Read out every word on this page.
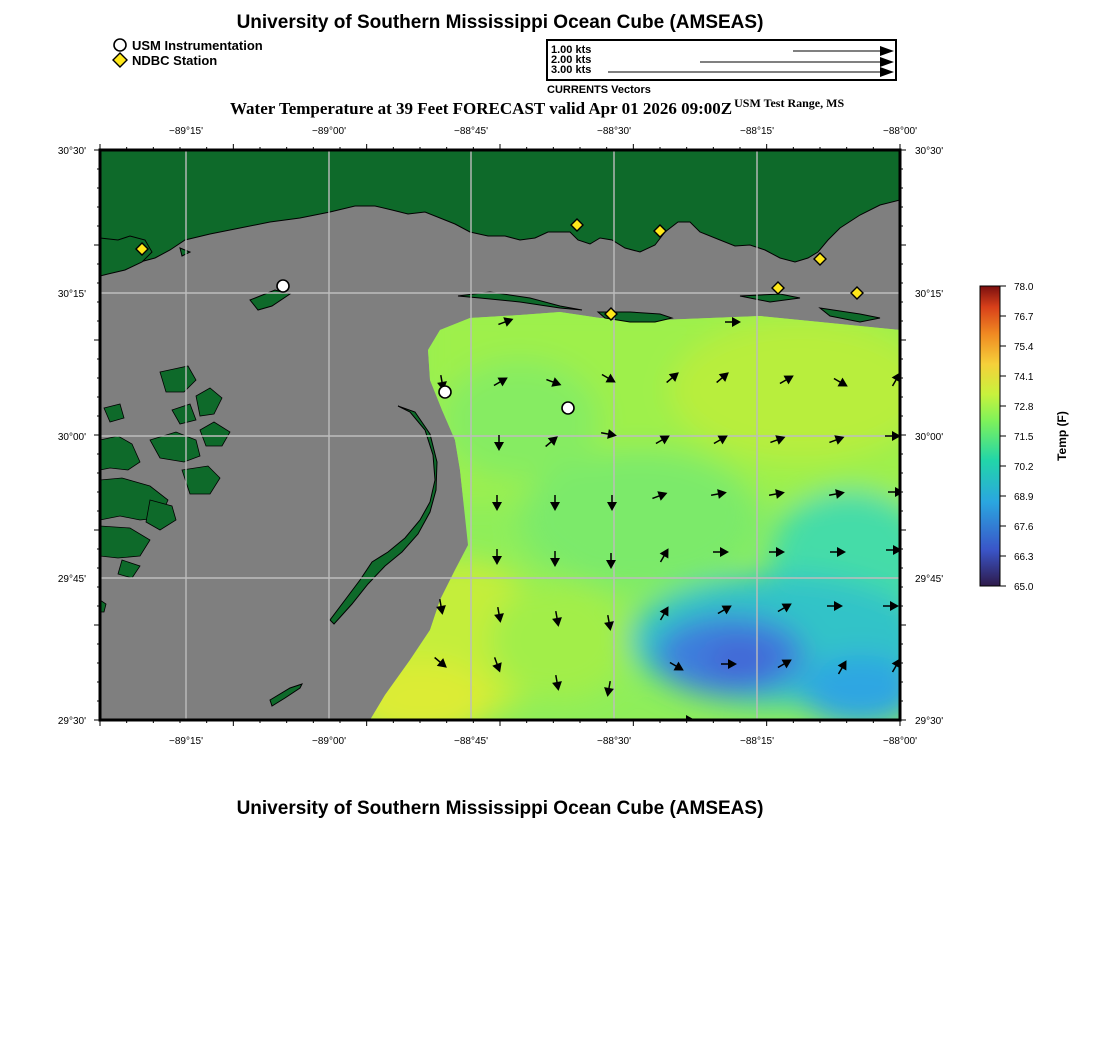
University of Southern Mississippi Ocean Cube (AMSEAS)
USM Instrumentation
NDBC Station
1.00 kts
2.00 kts
3.00 kts
CURRENTS Vectors
Water Temperature at 39 Feet FORECAST valid Apr 01 2026 09:00Z $^{USM Test Range, MS}$
−89°15'	−89°00'	−88°45'	−88°30'	−88°15'	−88°00'
−89°15'	−89°00'	−88°45'	−88°30'	−88°15'	−88°00'
30°30'
30°15'
30°00'
29°45'
29°30'
30°30'
30°15'
30°00'
29°45'
29°30'
78.0
76.7
75.4
74.1
72.8
71.5
70.2
68.9
67.6
66.3
65.0
Temp (F)
University of Southern Mississippi Ocean Cube (AMSEAS)
